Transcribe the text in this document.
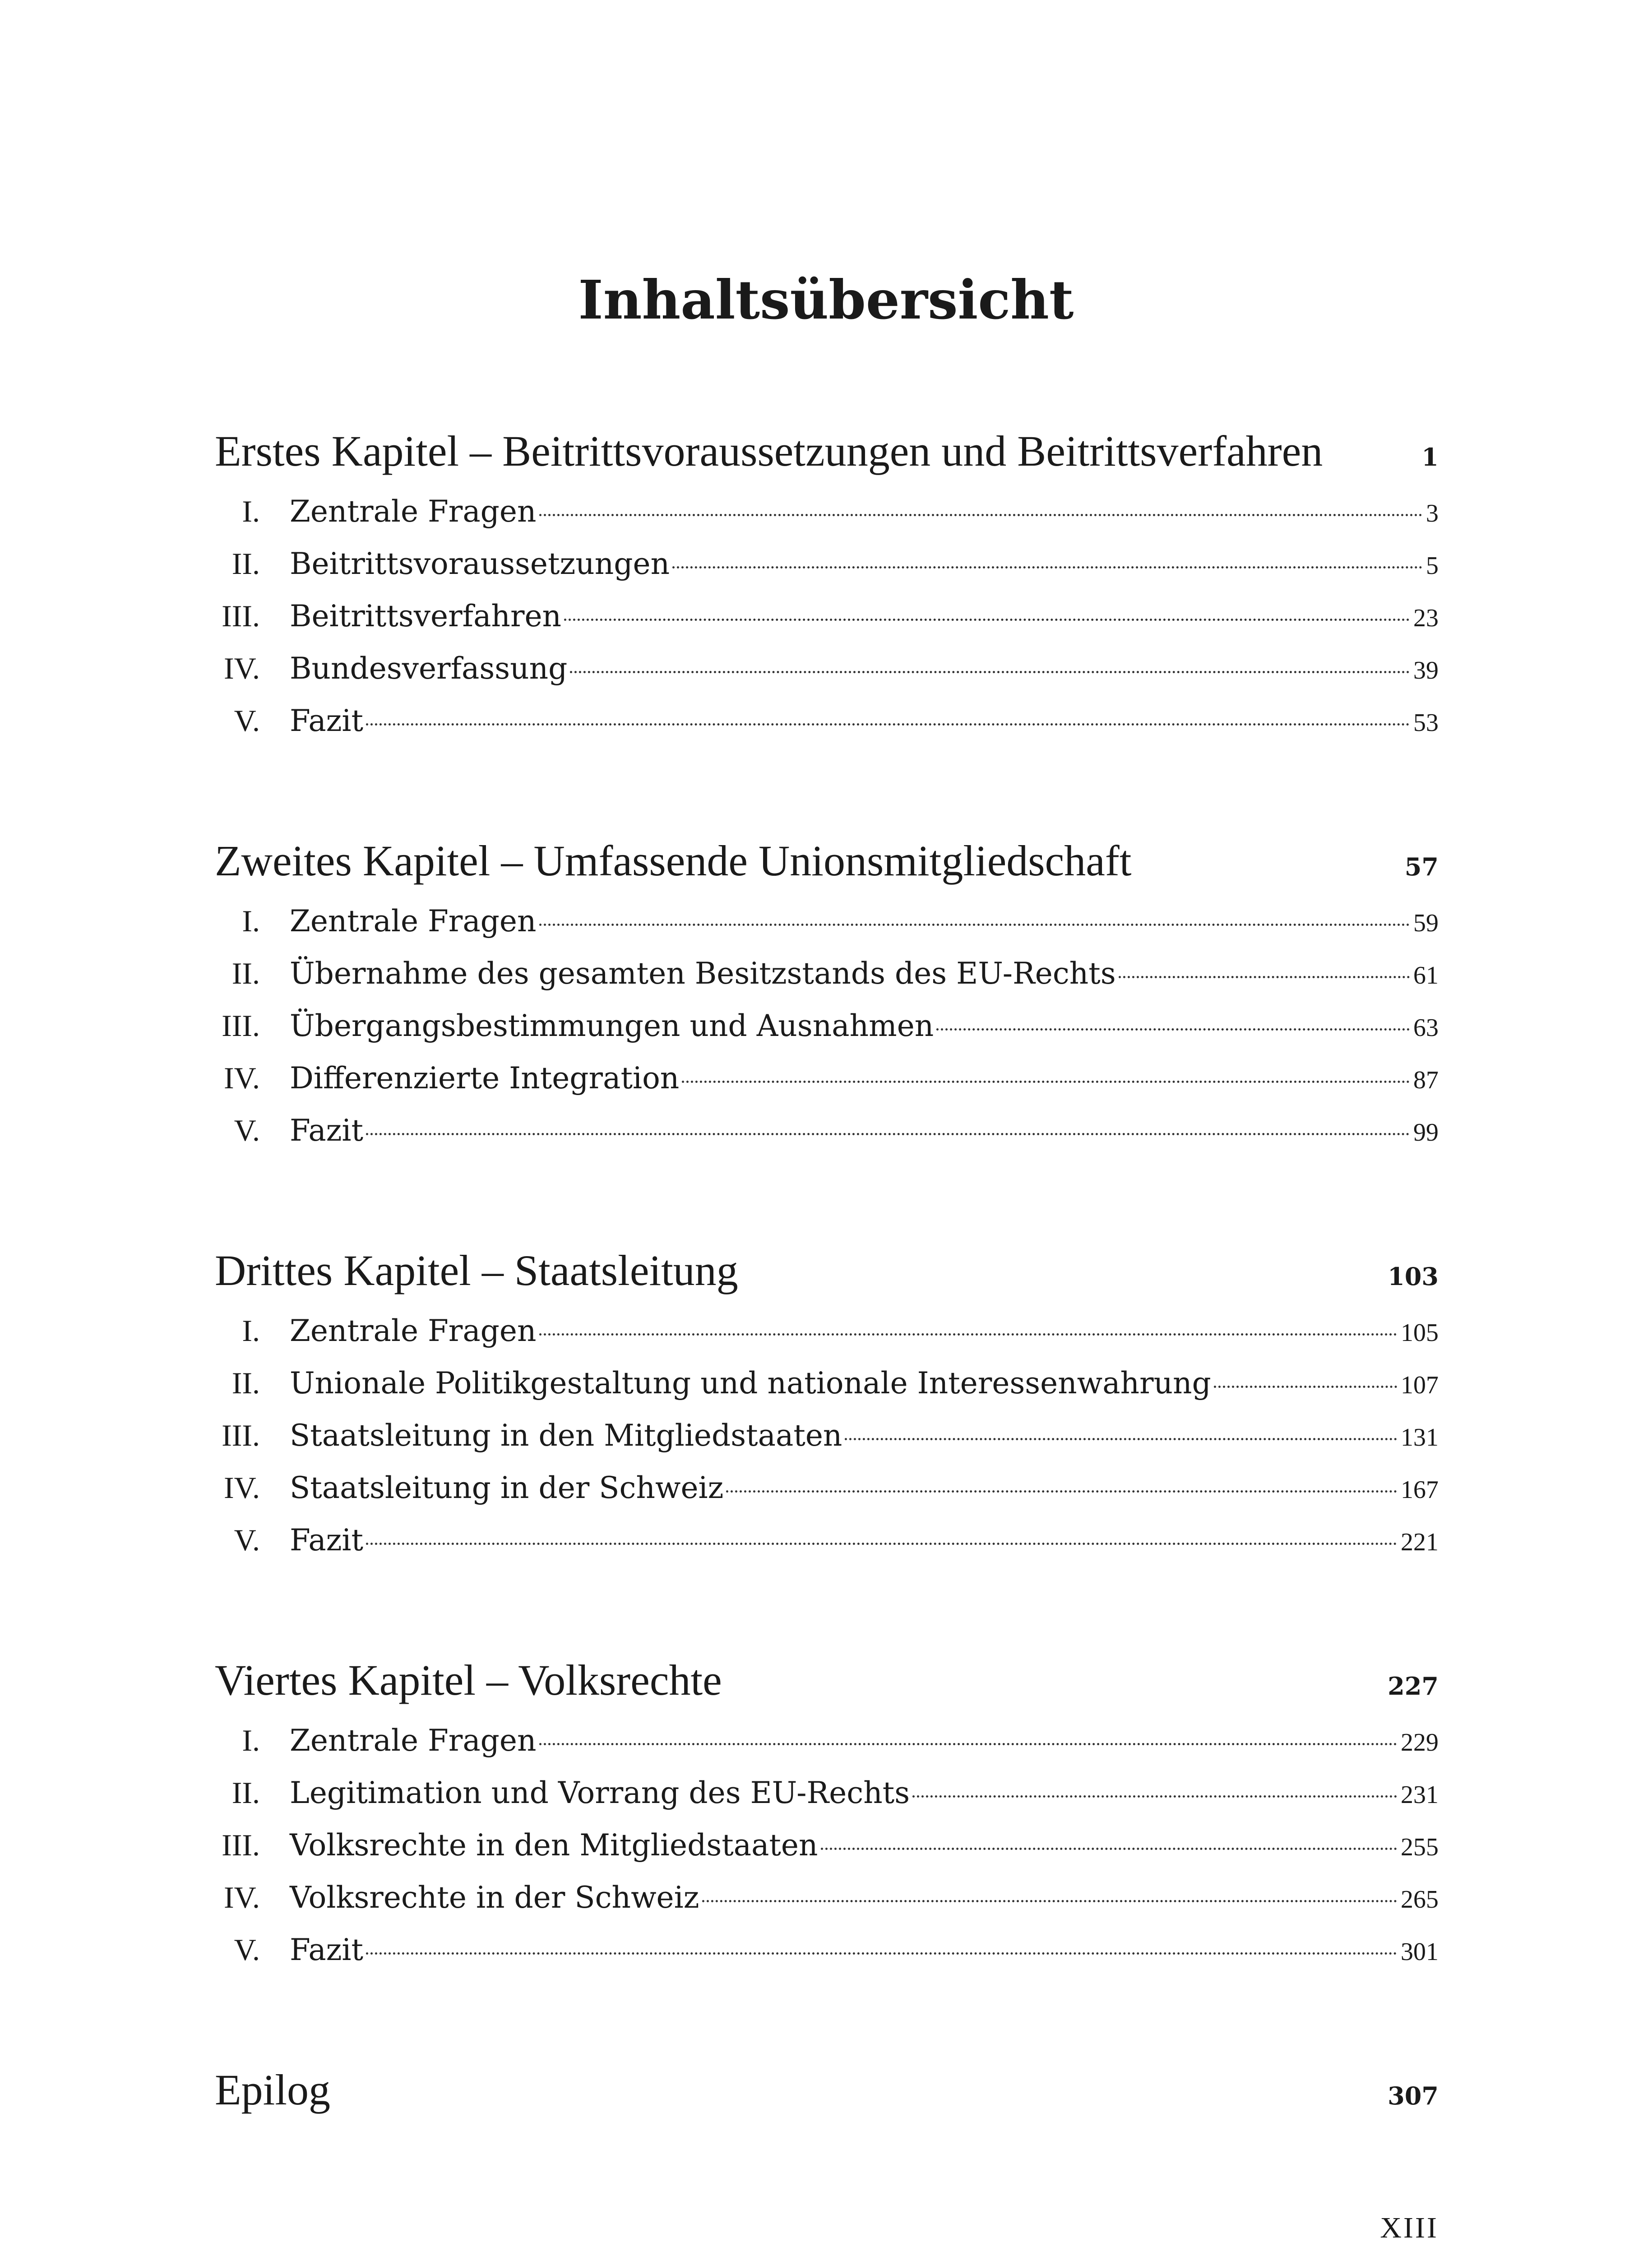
Inhaltsübersicht
Erstes Kapitel – Beitrittsvoraussetzungen und Beitrittsverfahren	1
I. Zentrale Fragen	3
II. Beitrittsvoraussetzungen	5
III. Beitrittsverfahren	23
IV. Bundesverfassung	39
V. Fazit	53
Zweites Kapitel – Umfassende Unionsmitgliedschaft	57
I. Zentrale Fragen	59
II. Übernahme des gesamten Besitzstands des EU-Rechts	61
III. Übergangsbestimmungen und Ausnahmen	63
IV. Differenzierte Integration	87
V. Fazit	99
Drittes Kapitel – Staatsleitung	103
I. Zentrale Fragen	105
II. Unionale Politikgestaltung und nationale Interessenwahrung	107
III. Staatsleitung in den Mitgliedstaaten	131
IV. Staatsleitung in der Schweiz	167
V. Fazit	221
Viertes Kapitel – Volksrechte	227
I. Zentrale Fragen	229
II. Legitimation und Vorrang des EU-Rechts	231
III. Volksrechte in den Mitgliedstaaten	255
IV. Volksrechte in der Schweiz	265
V. Fazit	301
Epilog	307
XIII
